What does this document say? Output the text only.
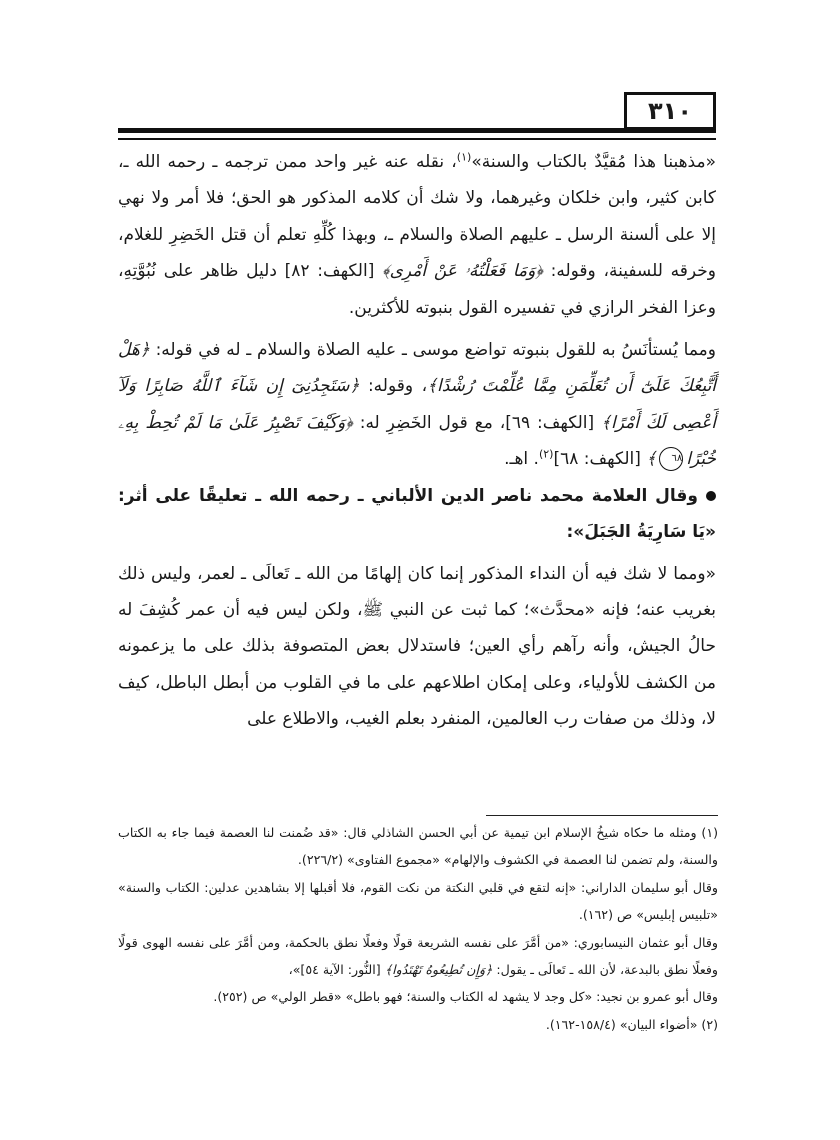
٣١٠

«مذهبنا هذا مُقيَّدٌ بالكتاب والسنة»$^{(١)}$، نقله عنه غير واحد ممن ترجمه ـ رحمه الله ـ، كابن كثير، وابن خلكان وغيرهما، ولا شك أن كلامه المذكور هو الحق؛ فلا أمر ولا نهي إلا على ألسنة الرسل ـ عليهم الصلاة والسلام ـ، وبهذا كُلِّهِ تعلم أن قتل الخَضِرِ للغلام، وخرقه للسفينة، وقوله: ﴿وَمَا فَعَلْتُهُۥ عَنْ أَمْرِى﴾ [الكهف: ٨٢] دليل ظاهر على نُبُوَّتِهِ، وعزا الفخر الرازي في تفسيره القول بنبوته للأكثرين.

ومما يُستأنَسُ به للقول بنبوته تواضع موسى ـ عليه الصلاة والسلام ـ له في قوله: ﴿هَلْ أَتَّبِعُكَ عَلَىٰٓ أَن تُعَلِّمَنِ مِمَّا عُلِّمْتَ رُشْدًا﴾، وقوله: ﴿سَتَجِدُنِىٓ إِن شَآءَ ٱللَّهُ صَابِرًا وَلَآ أَعْصِى لَكَ أَمْرًا﴾ [الكهف: ٦٩]، مع قول الخَضِرِ له: ﴿وَكَيْفَ تَصْبِرُ عَلَىٰ مَا لَمْ تُحِطْ بِهِۦ خُبْرًا٦٨﴾ [الكهف: ٦٨]$^{(٢)}$. اهـ.

وقال العلامة محمد ناصر الدين الألباني ـ رحمه الله ـ تعليقًا على أثر: «يَا سَارِيَةُ الجَبَلَ»:

«ومما لا شك فيه أن النداء المذكور إنما كان إلهامًا من الله ـ تَعالَى ـ لعمر، وليس ذلك بغريب عنه؛ فإنه «محدَّث»؛ كما ثبت عن النبي ﷺ، ولكن ليس فيه أن عمر كُشِفَ له حالُ الجيش، وأنه رآهم رأي العين؛ فاستدلال بعض المتصوفة بذلك على ما يزعمونه من الكشف للأولياء، وعلى إمكان اطلاعهم على ما في القلوب من أبطل الباطل، كيف لا، وذلك من صفات رب العالمين، المنفرد بعلم الغيب، والاطلاع على

(١) ومثله ما حكاه شيخُ الإسلام ابن تيمية عن أبي الحسن الشاذلي قال: «قد ضُمنت لنا العصمة فيما جاء به الكتاب والسنة، ولم تضمن لنا العصمة في الكشوف والإلهام» «مجموع الفتاوى» (٢٢٦/٢).

وقال أبو سليمان الداراني: «إنه لتقع في قلبي النكتة من نكت القوم، فلا أقبلها إلا بشاهدين عدلين: الكتاب والسنة» «تلبيس إبليس» ص (١٦٢).

وقال أبو عثمان النيسابوري: «من أمَّرَ على نفسه الشريعة قولًا وفعلًا نطق بالحكمة، ومن أمَّرَ على نفسه الهوى قولًا وفعلًا نطق بالبدعة، لأن الله ـ تَعالَى ـ يقول: ﴿وَإِن تُطِيعُوهُ تَهْتَدُوا﴾ [النُّور: الآية ٥٤]»،

وقال أبو عمرو بن نجيد: «كل وجد لا يشهد له الكتاب والسنة؛ فهو باطل» «قطر الولي» ص (٢٥٢).

(٢) «أضواء البيان» (١٥٨/٤-١٦٢).
